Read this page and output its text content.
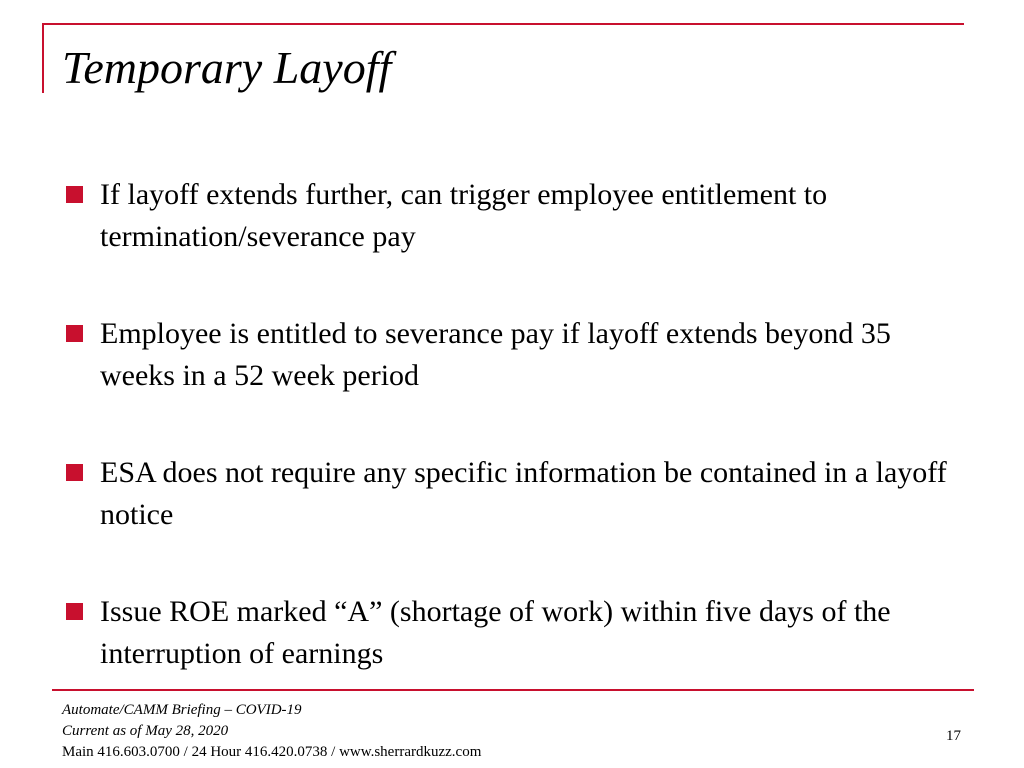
Temporary Layoff
If layoff extends further, can trigger employee entitlement to termination/severance pay
Employee is entitled to severance pay if layoff extends beyond 35 weeks in a 52 week period
ESA does not require any specific information be contained in a layoff notice
Issue ROE marked “A” (shortage of work) within five days of the interruption of earnings
Automate/CAMM Briefing – COVID-19
Current as of May 28, 2020
Main 416.603.0700 / 24 Hour 416.420.0738 / www.sherrardkuzz.com
17
